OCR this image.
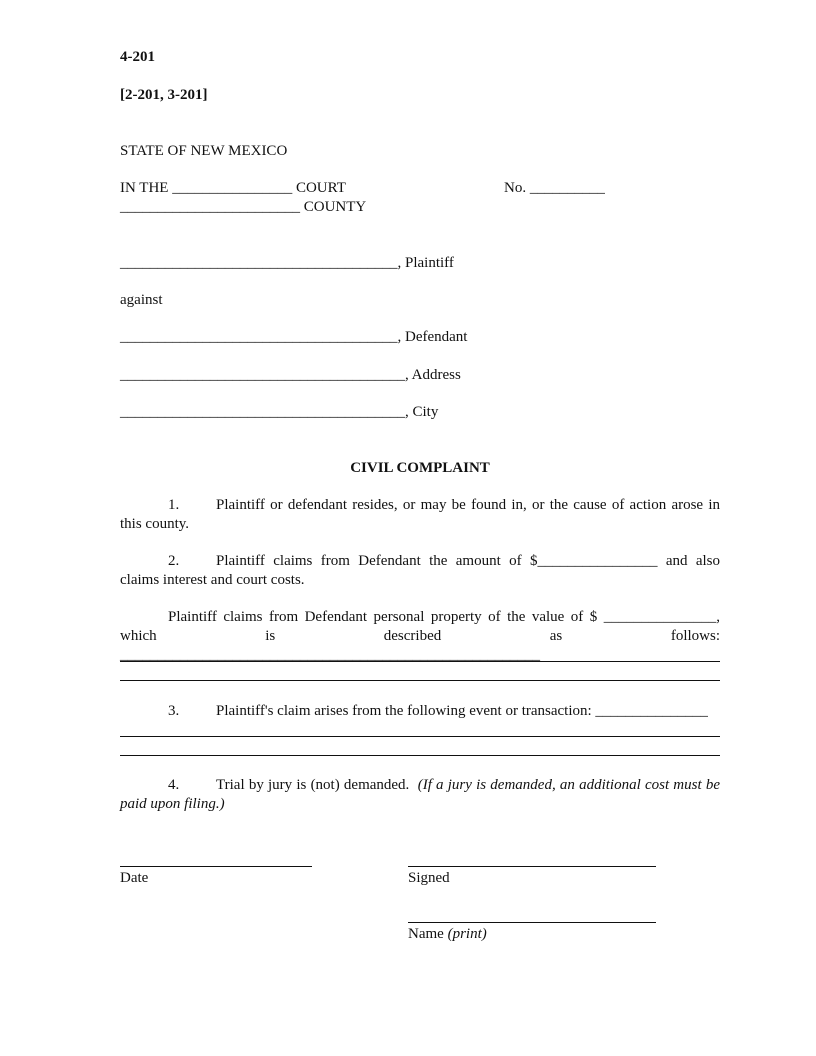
4-201
[2-201, 3-201]
STATE OF NEW MEXICO
IN THE ________________ COURT	No. __________
________________________ COUNTY
_____________________________________, Plaintiff
against
_____________________________________, Defendant
______________________________________, Address
______________________________________, City
CIVIL COMPLAINT
1. Plaintiff or defendant resides, or may be found in, or the cause of action arose in this county.
2. Plaintiff claims from Defendant the amount of $________________ and also claims interest and court costs.
Plaintiff claims from Defendant personal property of the value of $ _______________, which is described as follows: ________________________________________________________
3. Plaintiff's claim arises from the following event or transaction: _______________
4. Trial by jury is (not) demanded. (If a jury is demanded, an additional cost must be paid upon filing.)
Date	Signed
Name (print)
